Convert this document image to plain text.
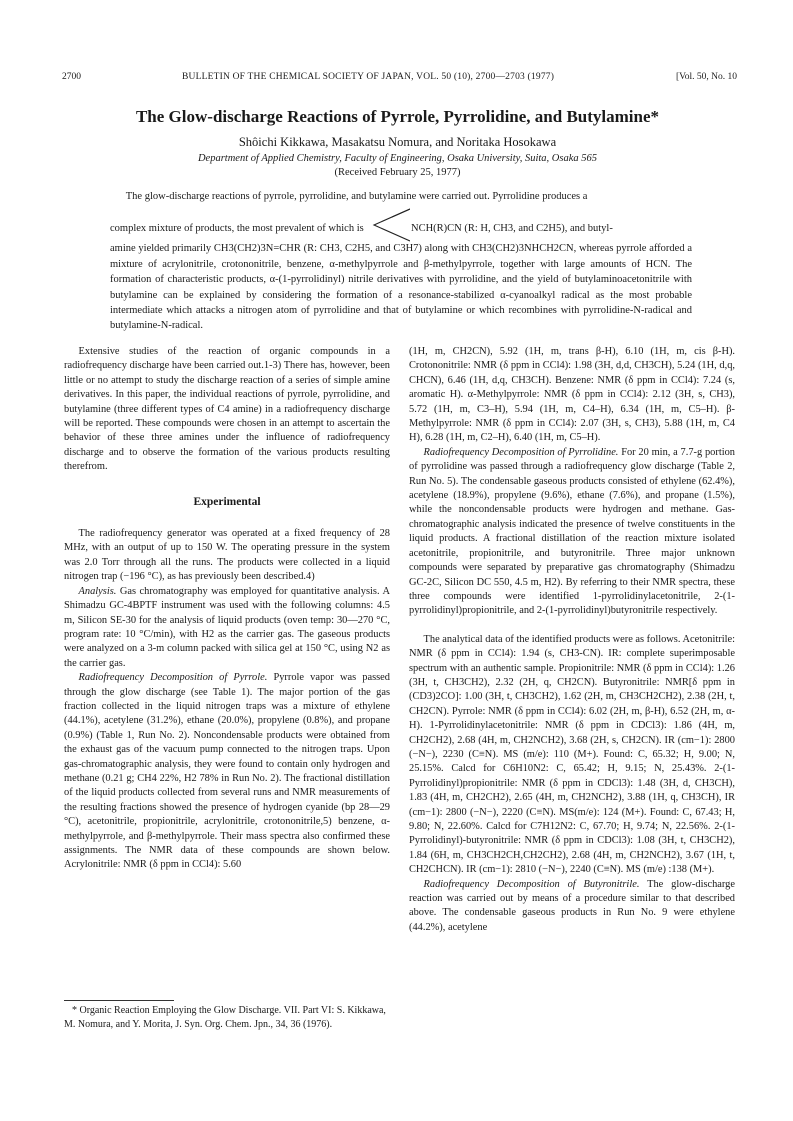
2700	BULLETIN OF THE CHEMICAL SOCIETY OF JAPAN, VOL. 50 (10), 2700—2703 (1977)	[Vol. 50, No. 10
The Glow-discharge Reactions of Pyrrole, Pyrrolidine, and Butylamine*
Shôichi Kikkawa, Masakatsu Nomura, and Noritaka Hosokawa
Department of Applied Chemistry, Faculty of Engineering, Osaka University, Suita, Osaka 565
(Received February 25, 1977)

The glow-discharge reactions of pyrrole, pyrrolidine, and butylamine were carried out. Pyrrolidine produces a

complex mixture of products, the most prevalent of which is	NCH(R)CN (R: H, CH3, and C2H5), and butyl-

amine yielded primarily CH3(CH2)3N=CHR (R: CH3, C2H5, and C3H7) along with CH3(CH2)3NHCH2CN, whereas pyrrole afforded a mixture of acrylonitrile, crotononitrile, benzene, α-methylpyrrole and β-methylpyrrole, together with large amounts of HCN. The formation of characteristic products, α-(1-pyrrolidinyl) nitrile derivatives with pyrrolidine, and the yield of butylaminoacetonitrile with butylamine can be explained by considering the formation of a resonance-stabilized α-cyanoalkyl radical as the most probable intermediate which attacks a nitrogen atom of pyrrolidine and that of butylamine or which recombines with pyrrolidine-N-radical and butylamine-N-radical.

Extensive studies of the reaction of organic compounds in a radiofrequency discharge have been carried out.1-3) There has, however, been little or no attempt to study the discharge reaction of a series of simple amine derivatives. In this paper, the individual reactions of pyrrole, pyrrolidine, and butylamine (three different types of C4 amine) in a radiofrequency discharge will be reported. These compounds were chosen in an attempt to ascertain the behavior of these three amines under the influence of radiofrequency discharge and to observe the formation of the various products resulting therefrom.

Experimental

The radiofrequency generator was operated at a fixed frequency of 28 MHz, with an output of up to 150 W. The operating pressure in the system was 2.0 Torr through all the runs. The products were collected in a liquid nitrogen trap (−196 °C), as has previously been described.4)

Analysis. Gas chromatography was employed for quantitative analysis. A Shimadzu GC-4BPTF instrument was used with the following columns: 4.5 m, Silicon SE-30 for the analysis of liquid products (oven temp: 30—270 °C, program rate: 10 °C/min), with H2 as the carrier gas. The gaseous products were analyzed on a 3-m column packed with silica gel at 150 °C, using N2 as the carrier gas.

Radiofrequency Decomposition of Pyrrole. Pyrrole vapor was passed through the glow discharge (see Table 1). The major portion of the gas fraction collected in the liquid nitrogen traps was a mixture of ethylene (44.1%), acetylene (31.2%), ethane (20.0%), propylene (0.8%), and propane (0.9%) (Table 1, Run No. 2). Noncondensable products were obtained from the exhaust gas of the vacuum pump connected to the nitrogen traps. Upon gas-chromatographic analysis, they were found to contain only hydrogen and methane (0.21 g; CH4 22%, H2 78% in Run No. 2). The fractional distillation of the liquid products collected from several runs and NMR measurements of the resulting fractions showed the presence of hydrogen cyanide (bp 28—29 °C), acetonitrile, propionitrile, acrylonitrile, crotononitrile,5) benzene, α-methylpyrrole, and β-methylpyrrole. Their mass spectra also confirmed these assignments. The NMR data of these compounds are shown below. Acrylonitrile: NMR (δ ppm in CCl4): 5.60

* Organic Reaction Employing the Glow Discharge. VII. Part VI: S. Kikkawa, M. Nomura, and Y. Morita, J. Syn. Org. Chem. Jpn., 34, 36 (1976).

(1H, m, CH2CN), 5.92 (1H, m, trans β-H), 6.10 (1H, m, cis β-H). Crotononitrile: NMR (δ ppm in CCl4): 1.98 (3H, d,d, CH3CH), 5.24 (1H, d,q, CHCN), 6.46 (1H, d,q, CH3CH). Benzene: NMR (δ ppm in CCl4): 7.24 (s, aromatic H). α-Methylpyrrole: NMR (δ ppm in CCl4): 2.12 (3H, s, CH3), 5.72 (1H, m, C3–H), 5.94 (1H, m, C4–H), 6.34 (1H, m, C5–H). β-Methylpyrrole: NMR (δ ppm in CCl4): 2.07 (3H, s, CH3), 5.88 (1H, m, C4 H), 6.28 (1H, m, C2–H), 6.40 (1H, m, C5–H).

Radiofrequency Decomposition of Pyrrolidine. For 20 min, a 7.7-g portion of pyrrolidine was passed through a radiofrequency glow discharge (Table 2, Run No. 5). The condensable gaseous products consisted of ethylene (62.4%), acetylene (18.9%), propylene (9.6%), ethane (7.6%), and propane (1.5%), while the noncondensable products were hydrogen and methane. Gas-chromatographic analysis indicated the presence of twelve constituents in the liquid products. A fractional distillation of the reaction mixture isolated acetonitrile, propionitrile, and butyronitrile. Three major unknown compounds were separated by preparative gas chromatography (Shimadzu GC-2C, Silicon DC 550, 4.5 m, H2). By referring to their NMR spectra, these three compounds were identified 1-pyrrolidinylacetonitrile, 2-(1-pyrrolidinyl)propionitrile, and 2-(1-pyrrolidinyl)butyronitrile respectively.

The analytical data of the identified products were as follows. Acetonitrile: NMR (δ ppm in CCl4): 1.94 (s, CH3-CN). IR: complete superimposable spectrum with an authentic sample. Propionitrile: NMR (δ ppm in CCl4): 1.26 (3H, t, CH3CH2), 2.32 (2H, q, CH2CN). Butyronitrile: NMR[δ ppm in (CD3)2CO]: 1.00 (3H, t, CH3CH2), 1.62 (2H, m, CH3CH2CH2), 2.38 (2H, t, CH2CN). Pyrrole: NMR (δ ppm in CCl4): 6.02 (2H, m, β-H), 6.52 (2H, m, α-H). 1-Pyrrolidinylacetonitrile: NMR (δ ppm in CDCl3): 1.86 (4H, m, CH2CH2), 2.68 (4H, m, CH2NCH2), 3.68 (2H, s, CH2CN). IR (cm−1): 2800 (−N−), 2230 (C≡N). MS (m/e): 110 (M+). Found: C, 65.32; H, 9.00; N, 25.15%. Calcd for C6H10N2: C, 65.42; H, 9.15; N, 25.43%. 2-(1-Pyrrolidinyl)propionitrile: NMR (δ ppm in CDCl3): 1.48 (3H, d, CH3CH), 1.83 (4H, m, CH2CH2), 2.65 (4H, m, CH2NCH2), 3.88 (1H, q, CH3CH), IR (cm−1): 2800 (−N−), 2220 (C≡N). MS(m/e): 124 (M+). Found: C, 67.43; H, 9.80; N, 22.60%. Calcd for C7H12N2: C, 67.70; H, 9.74; N, 22.56%. 2-(1-Pyrrolidinyl)-butyronitrile: NMR (δ ppm in CDCl3): 1.08 (3H, t, CH3CH2), 1.84 (6H, m, CH3CH2CH,CH2CH2), 2.68 (4H, m, CH2NCH2), 3.67 (1H, t, CH2CHCN). IR (cm−1): 2810 (−N−), 2240 (C≡N). MS (m/e) :138 (M+).

Radiofrequency Decomposition of Butyronitrile. The glow-discharge reaction was carried out by means of a procedure similar to that described above. The condensable gaseous products in Run No. 9 were ethylene (44.2%), acetylene
